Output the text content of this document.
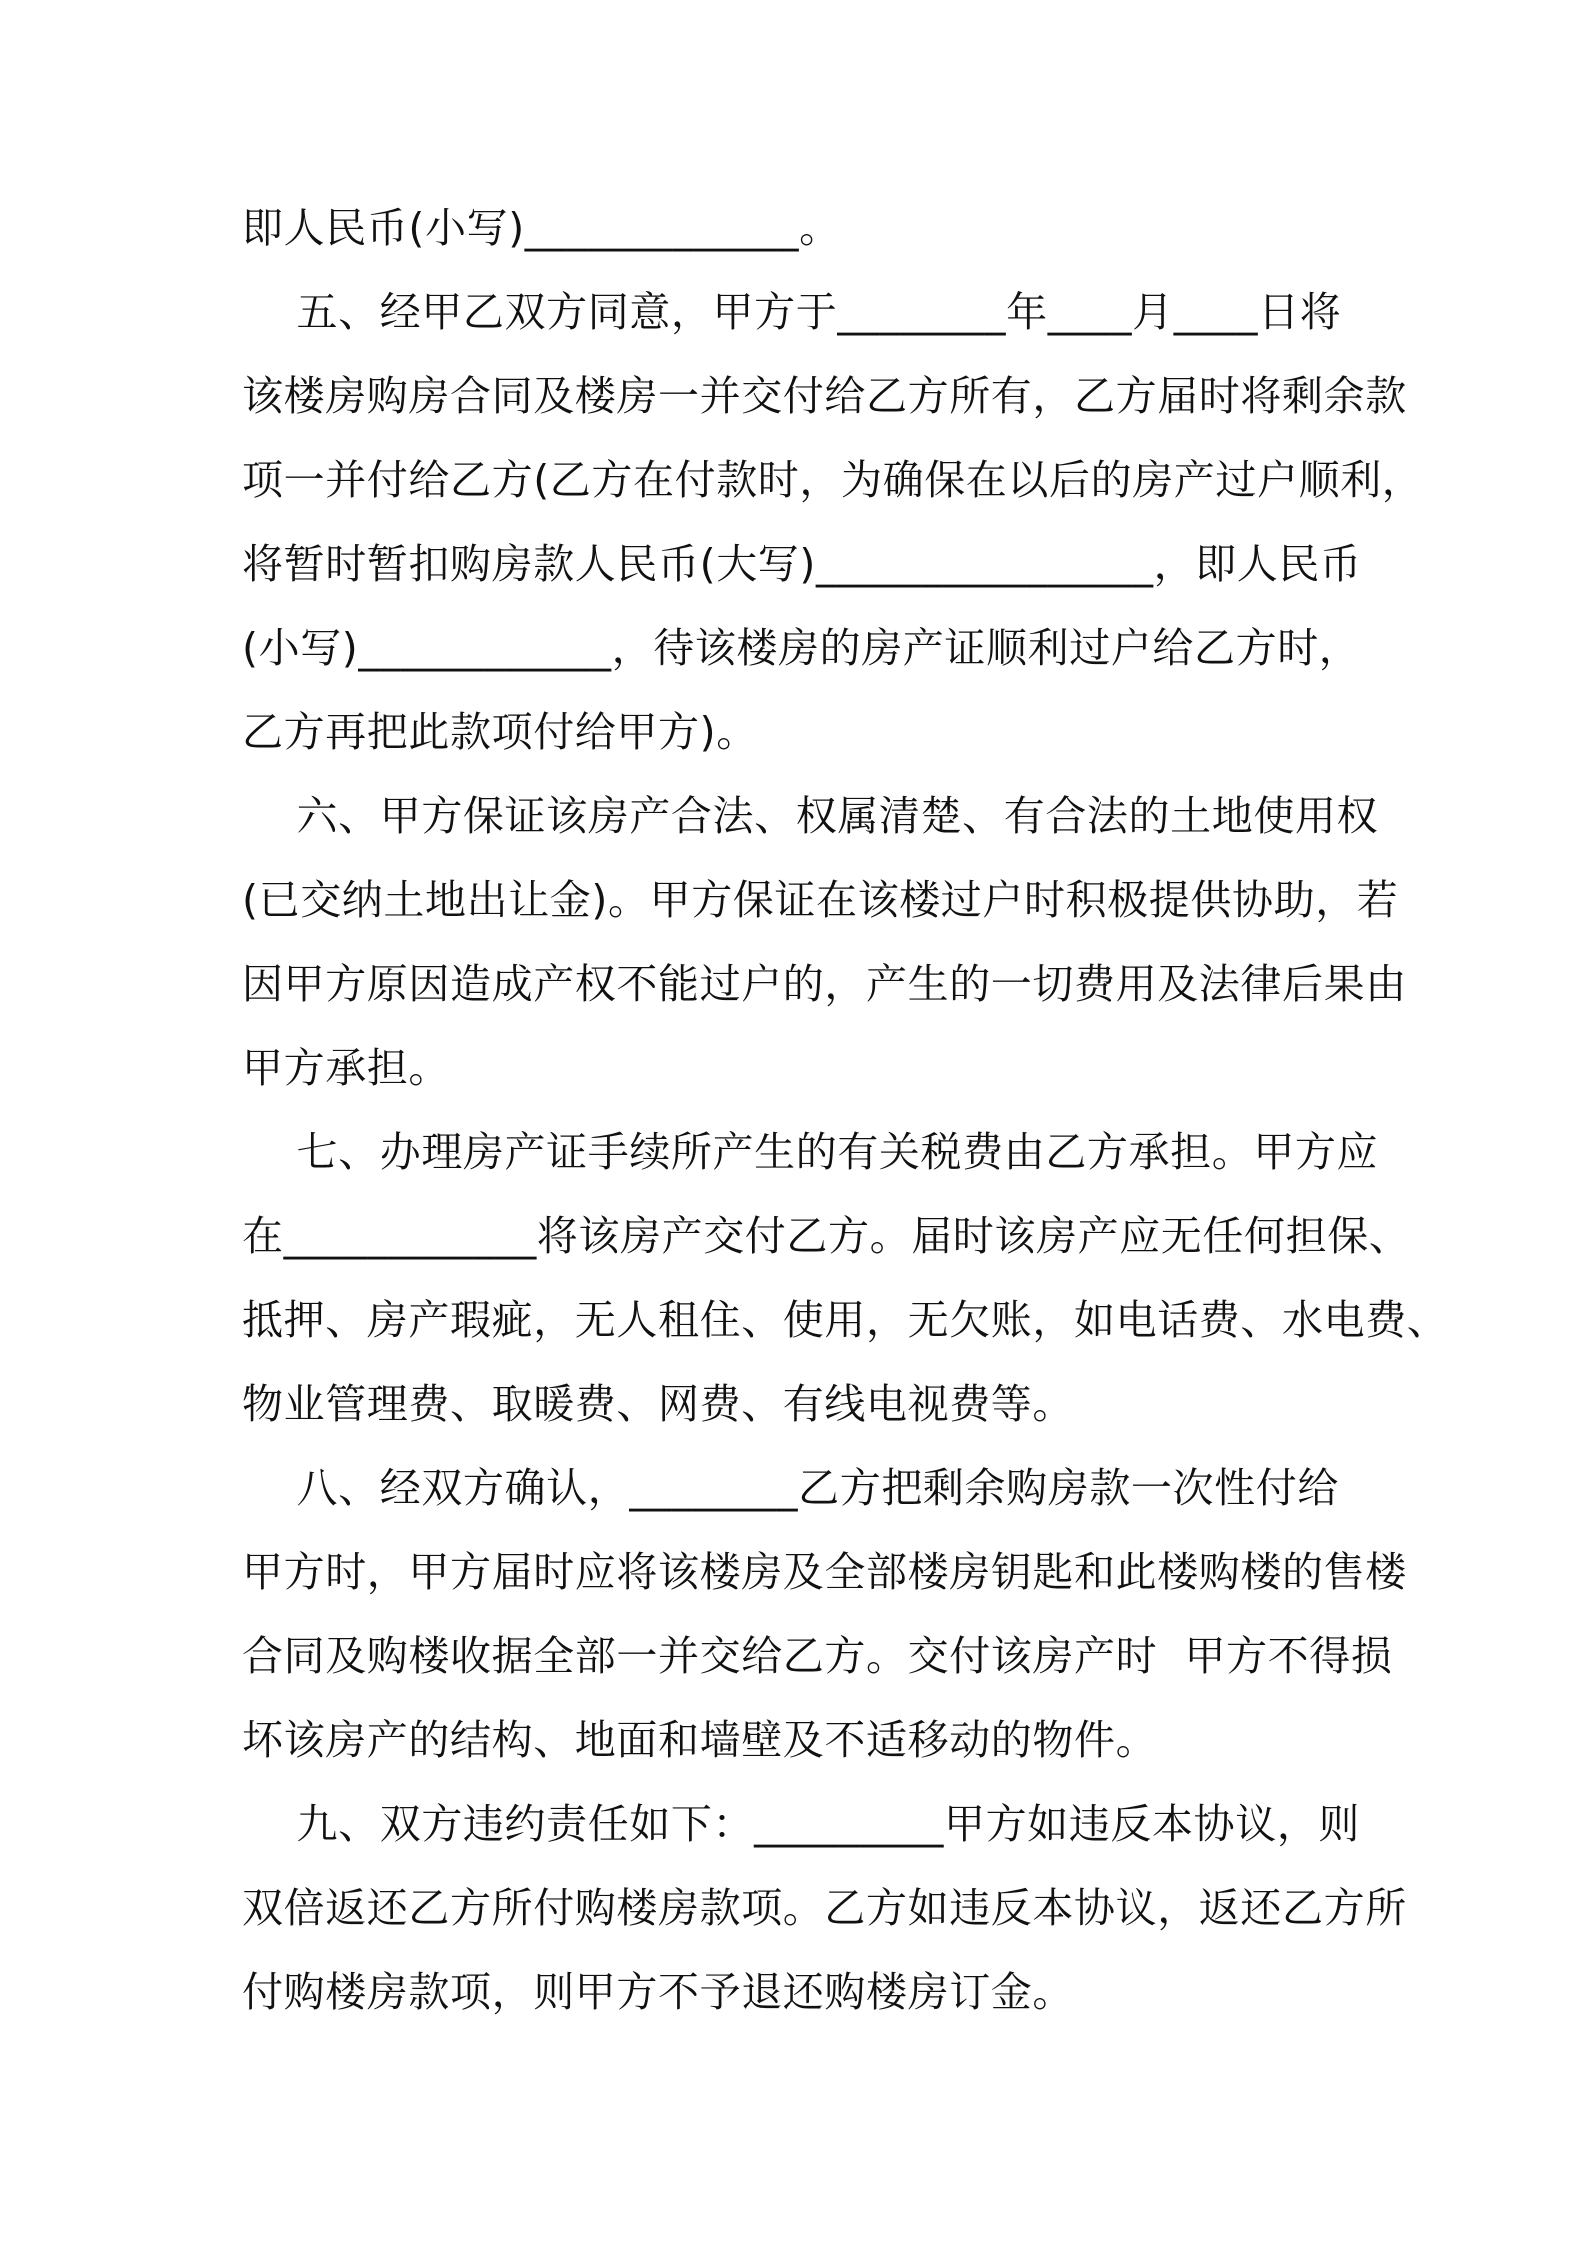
即人民币(小写)_____________。
五、经甲乙双方同意，甲方于________年____月____日将
该楼房购房合同及楼房一并交付给乙方所有，乙方届时将剩余款
项一并付给乙方(乙方在付款时，为确保在以后的房产过户顺利，
将暂时暂扣购房款人民币(大写)________________，即人民币
(小写)____________，待该楼房的房产证顺利过户给乙方时，
乙方再把此款项付给甲方)。
六、甲方保证该房产合法、权属清楚、有合法的土地使用权
(已交纳土地出让金)。甲方保证在该楼过户时积极提供协助，若
因甲方原因造成产权不能过户的，产生的一切费用及法律后果由
甲方承担。
七、办理房产证手续所产生的有关税费由乙方承担。甲方应
在____________将该房产交付乙方。届时该房产应无任何担保、
抵押、房产瑕疵，无人租住、使用，无欠账，如电话费、水电费、
物业管理费、取暖费、网费、有线电视费等。
八、经双方确认，________乙方把剩余购房款一次性付给
甲方时，甲方届时应将该楼房及全部楼房钥匙和此楼购楼的售楼
合同及购楼收据全部一并交给乙方。交付该房产时  甲方不得损
坏该房产的结构、地面和墙壁及不适移动的物件。
九、双方违约责任如下：_________甲方如违反本协议，则
双倍返还乙方所付购楼房款项。乙方如违反本协议，返还乙方所
付购楼房款项，则甲方不予退还购楼房订金。
